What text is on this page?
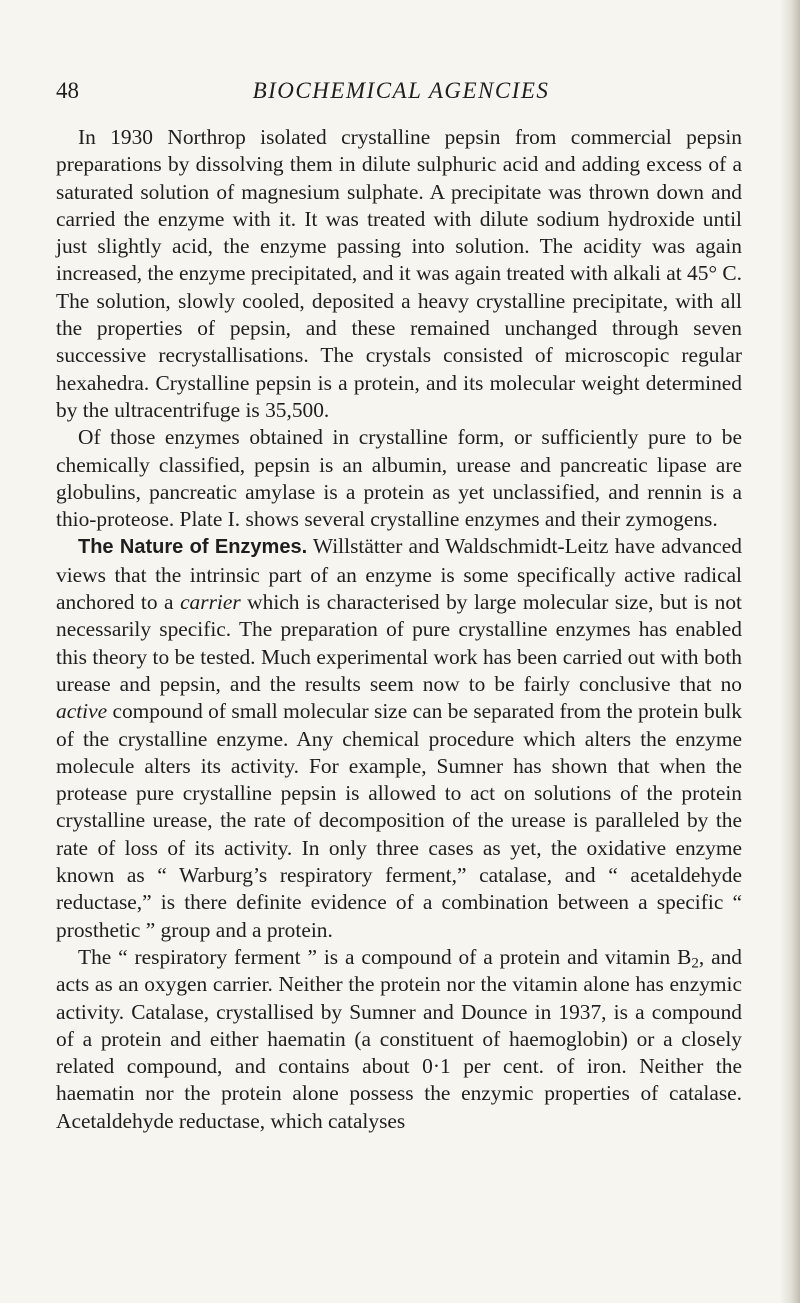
48	BIOCHEMICAL AGENCIES

In 1930 Northrop isolated crystalline pepsin from commercial pepsin preparations by dissolving them in dilute sulphuric acid and adding excess of a saturated solution of magnesium sulphate. A precipitate was thrown down and carried the enzyme with it. It was treated with dilute sodium hydroxide until just slightly acid, the enzyme passing into solution. The acidity was again increased, the enzyme precipitated, and it was again treated with alkali at 45° C. The solution, slowly cooled, deposited a heavy crystalline precipitate, with all the properties of pepsin, and these remained unchanged through seven successive recrystallisations. The crystals consisted of microscopic regular hexahedra. Crystalline pepsin is a protein, and its molecular weight determined by the ultracentrifuge is 35,500.

Of those enzymes obtained in crystalline form, or sufficiently pure to be chemically classified, pepsin is an albumin, urease and pancreatic lipase are globulins, pancreatic amylase is a protein as yet unclassified, and rennin is a thio-proteose. Plate I. shows several crystalline enzymes and their zymogens.

The Nature of Enzymes. Willstätter and Waldschmidt-Leitz have advanced views that the intrinsic part of an enzyme is some specifically active radical anchored to a carrier which is characterised by large molecular size, but is not necessarily specific. The preparation of pure crystalline enzymes has enabled this theory to be tested. Much experimental work has been carried out with both urease and pepsin, and the results seem now to be fairly conclusive that no active compound of small molecular size can be separated from the protein bulk of the crystalline enzyme. Any chemical procedure which alters the enzyme molecule alters its activity. For example, Sumner has shown that when the protease pure crystalline pepsin is allowed to act on solutions of the protein crystalline urease, the rate of decomposition of the urease is paralleled by the rate of loss of its activity. In only three cases as yet, the oxidative enzyme known as “ Warburg’s respiratory ferment,” catalase, and “ acetaldehyde reductase,” is there definite evidence of a combination between a specific “ prosthetic ” group and a protein.

The “ respiratory ferment ” is a compound of a protein and vitamin $B_2$, and acts as an oxygen carrier. Neither the protein nor the vitamin alone has enzymic activity. Catalase, crystallised by Sumner and Dounce in 1937, is a compound of a protein and either haematin (a constituent of haemoglobin) or a closely related compound, and contains about 0·1 per cent. of iron. Neither the haematin nor the protein alone possess the enzymic properties of catalase. Acetaldehyde reductase, which catalyses
